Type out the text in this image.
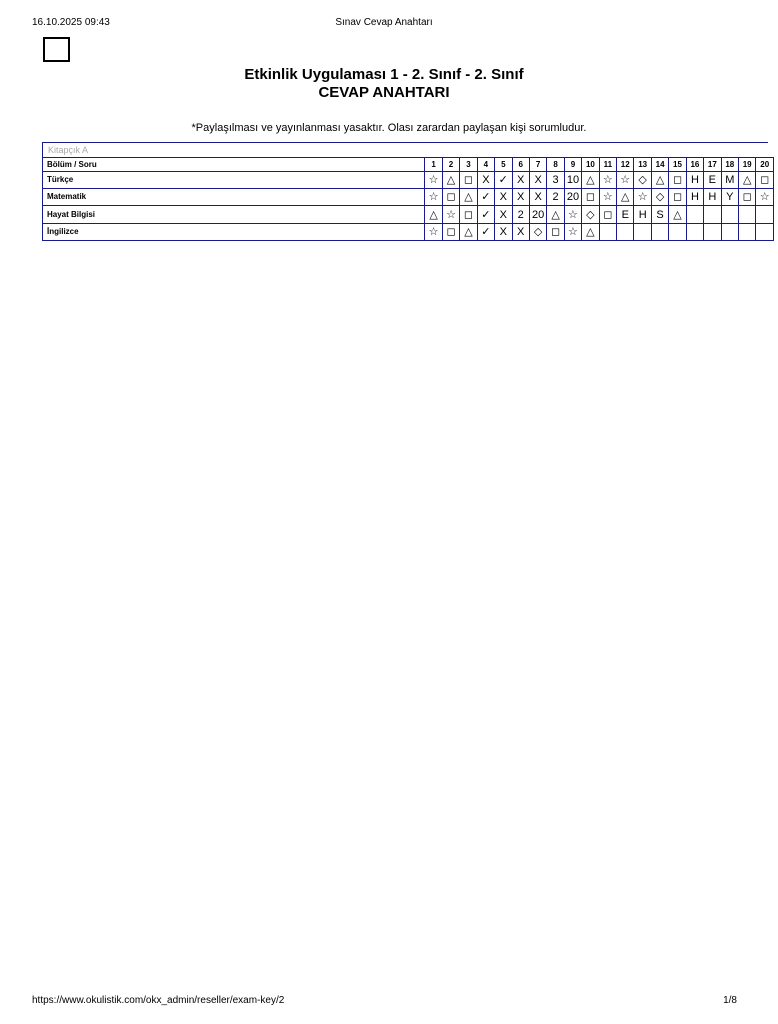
16.10.2025 09:43	Sınav Cevap Anahtarı
Etkinlik Uygulaması 1 - 2. Sınıf - 2. Sınıf
CEVAP ANAHTARI
*Paylaşılması ve yayınlanması yasaktır. Olası zarardan paylaşan kişi sorumludur.
Kitapçık A
Bölüm / Soru	1	2	3	4	5	6	7	8	9	10	11	12	13	14	15	16	17	18	19	20
Türkçe	☆	△	◻	X	✓	X	X	3	10	△	☆	☆	◇	△	◻	H	E	M	△	◻
Matematik	☆	◻	△	✓	X	X	X	2	20	◻	☆	△	☆	◇	◻	H	H	Y	◻	☆
Hayat Bilgisi	△	☆	◻	✓	X	2	20	△	☆	◇	◻	E	H	S	△					
İngilizce	☆	◻	△	✓	X	X	◇	◻	☆	△										
https://www.okulistik.com/okx_admin/reseller/exam-key/2	1/8
